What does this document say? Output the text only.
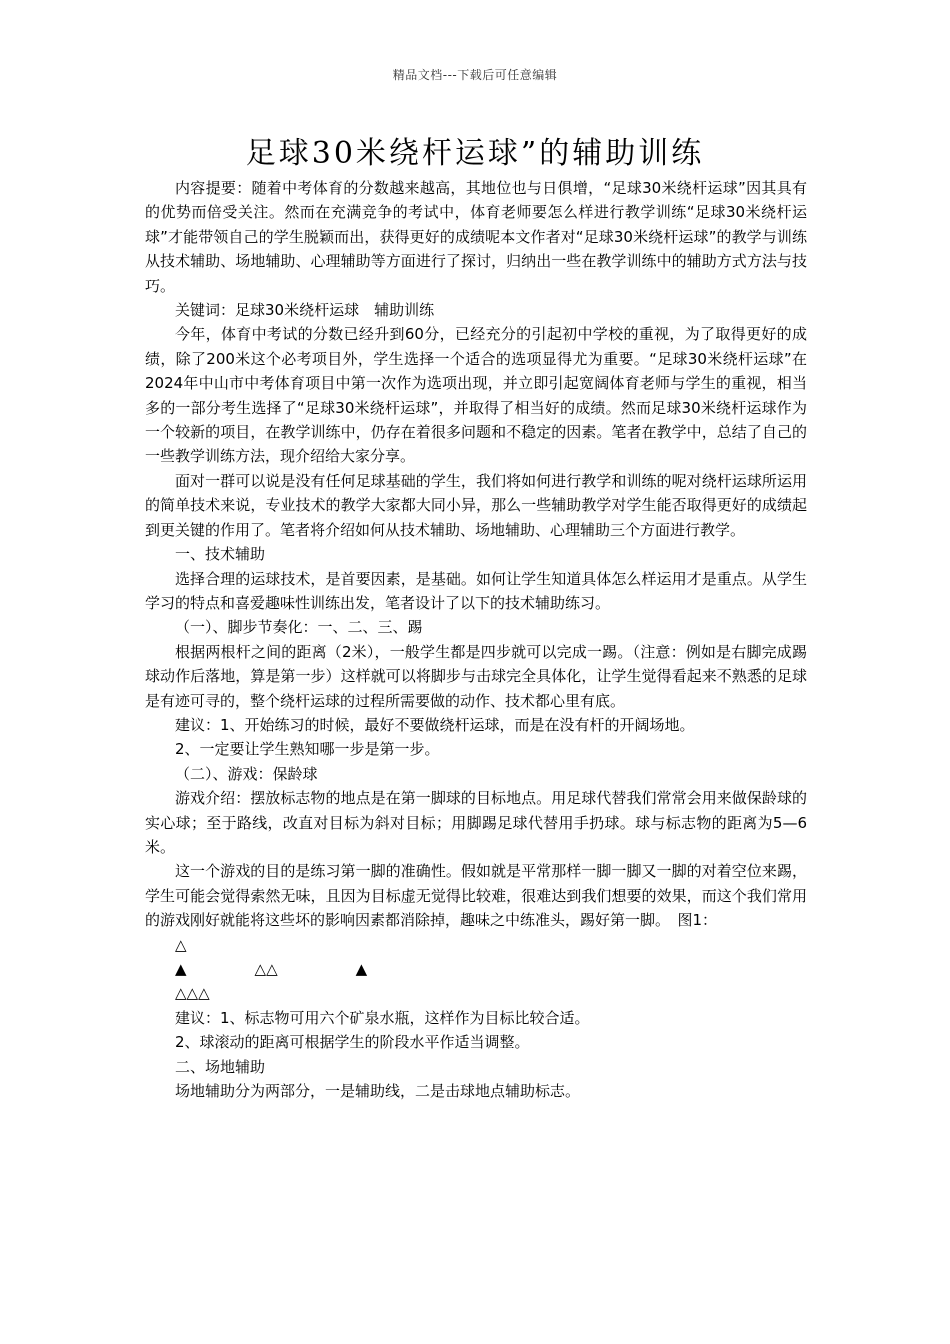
精品文档---下载后可任意编辑
足球30米绕杆运球”的辅助训练

内容提要：随着中考体育的分数越来越高，其地位也与日俱增，“足球30米绕杆运球”因其具有的优势而倍受关注。然而在充满竞争的考试中，体育老师要怎么样进行教学训练“足球30米绕杆运球”才能带领自己的学生脱颖而出，获得更好的成绩呢本文作者对“足球30米绕杆运球”的教学与训练从技术辅助、场地辅助、心理辅助等方面进行了探讨，归纳出一些在教学训练中的辅助方式方法与技巧。

关键词：足球30米绕杆运球　辅助训练

今年，体育中考试的分数已经升到60分，已经充分的引起初中学校的重视，为了取得更好的成绩，除了200米这个必考项目外，学生选择一个适合的选项显得尤为重要。“足球30米绕杆运球”在2024年中山市中考体育项目中第一次作为选项出现，并立即引起宽阔体育老师与学生的重视，相当多的一部分考生选择了“足球30米绕杆运球”，并取得了相当好的成绩。然而足球30米绕杆运球作为一个较新的项目，在教学训练中，仍存在着很多问题和不稳定的因素。笔者在教学中，总结了自己的一些教学训练方法，现介绍给大家分享。

面对一群可以说是没有任何足球基础的学生，我们将如何进行教学和训练的呢对绕杆运球所运用的简单技术来说，专业技术的教学大家都大同小异，那么一些辅助教学对学生能否取得更好的成绩起到更关键的作用了。笔者将介绍如何从技术辅助、场地辅助、心理辅助三个方面进行教学。

一、技术辅助

选择合理的运球技术，是首要因素，是基础。如何让学生知道具体怎么样运用才是重点。从学生学习的特点和喜爱趣味性训练出发，笔者设计了以下的技术辅助练习。

（一）、脚步节奏化：一、二、三、踢

根据两根杆之间的距离（2米），一般学生都是四步就可以完成一踢。（注意：例如是右脚完成踢球动作后落地，算是第一步）这样就可以将脚步与击球完全具体化，让学生觉得看起来不熟悉的足球是有迹可寻的，整个绕杆运球的过程所需要做的动作、技术都心里有底。

建议：1、开始练习的时候，最好不要做绕杆运球，而是在没有杆的开阔场地。

2、一定要让学生熟知哪一步是第一步。

（二）、游戏：保龄球

游戏介绍：摆放标志物的地点是在第一脚球的目标地点。用足球代替我们常常会用来做保龄球的实心球；至于路线，改直对目标为斜对目标；用脚踢足球代替用手扔球。球与标志物的距离为5—6米。

这一个游戏的目的是练习第一脚的准确性。假如就是平常那样一脚一脚又一脚的对着空位来踢，学生可能会觉得索然无味，且因为目标虚无觉得比较难，很难达到我们想要的效果，而这个我们常用的游戏刚好就能将这些坏的影响因素都消除掉，趣味之中练准头，踢好第一脚。　图1：

△
▲	△△	▲
△△△

建议：1、标志物可用六个矿泉水瓶，这样作为目标比较合适。

2、球滚动的距离可根据学生的阶段水平作适当调整。

二、场地辅助

场地辅助分为两部分，一是辅助线，二是击球地点辅助标志。
